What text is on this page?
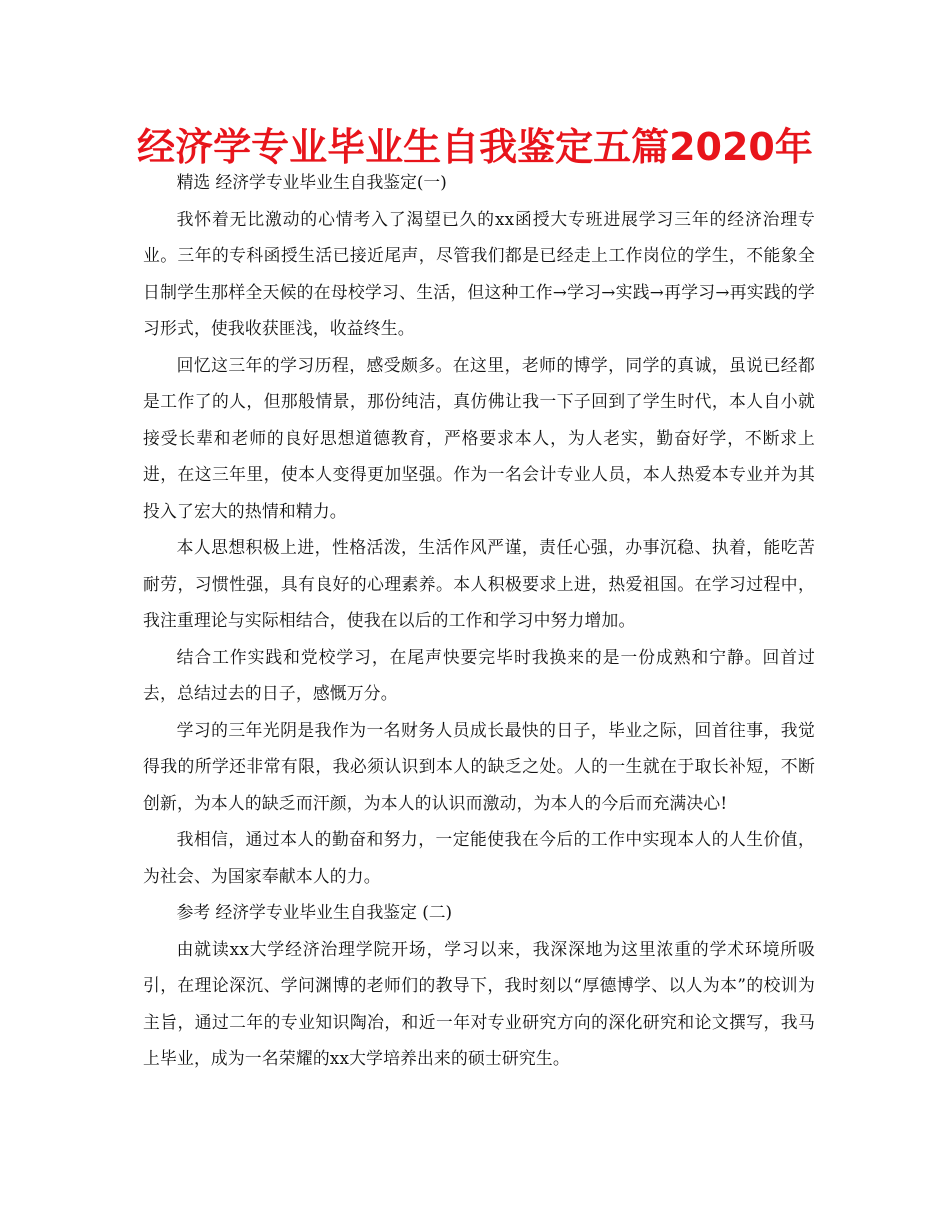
经济学专业毕业生自我鉴定五篇2020年

精选 经济学专业毕业生自我鉴定(一)

我怀着无比激动的心情考入了渴望已久的xx函授大专班进展学习三年的经济治理专业。三年的专科函授生活已接近尾声，尽管我们都是已经走上工作岗位的学生，不能象全日制学生那样全天候的在母校学习、生活，但这种工作→学习→实践→再学习→再实践的学习形式，使我收获匪浅，收益终生。

回忆这三年的学习历程，感受颇多。在这里，老师的博学，同学的真诚，虽说已经都是工作了的人，但那般情景，那份纯洁，真仿佛让我一下子回到了学生时代，本人自小就接受长辈和老师的良好思想道德教育，严格要求本人，为人老实，勤奋好学，不断求上进，在这三年里，使本人变得更加坚强。作为一名会计专业人员，本人热爱本专业并为其投入了宏大的热情和精力。

本人思想积极上进，性格活泼，生活作风严谨，责任心强，办事沉稳、执着，能吃苦耐劳，习惯性强，具有良好的心理素养。本人积极要求上进，热爱祖国。在学习过程中，我注重理论与实际相结合，使我在以后的工作和学习中努力增加。

结合工作实践和党校学习，在尾声快要完毕时我换来的是一份成熟和宁静。回首过去，总结过去的日子，感慨万分。

学习的三年光阴是我作为一名财务人员成长最快的日子，毕业之际，回首往事，我觉得我的所学还非常有限，我必须认识到本人的缺乏之处。人的一生就在于取长补短，不断创新，为本人的缺乏而汗颜，为本人的认识而激动，为本人的今后而充满决心!

我相信，通过本人的勤奋和努力，一定能使我在今后的工作中实现本人的人生价值，为社会、为国家奉献本人的力。

参考 经济学专业毕业生自我鉴定 (二)

由就读xx大学经济治理学院开场，学习以来，我深深地为这里浓重的学术环境所吸引，在理论深沉、学问渊博的老师们的教导下，我时刻以“厚德博学、以人为本”的校训为主旨，通过二年的专业知识陶冶，和近一年对专业研究方向的深化研究和论文撰写，我马上毕业，成为一名荣耀的xx大学培养出来的硕士研究生。
